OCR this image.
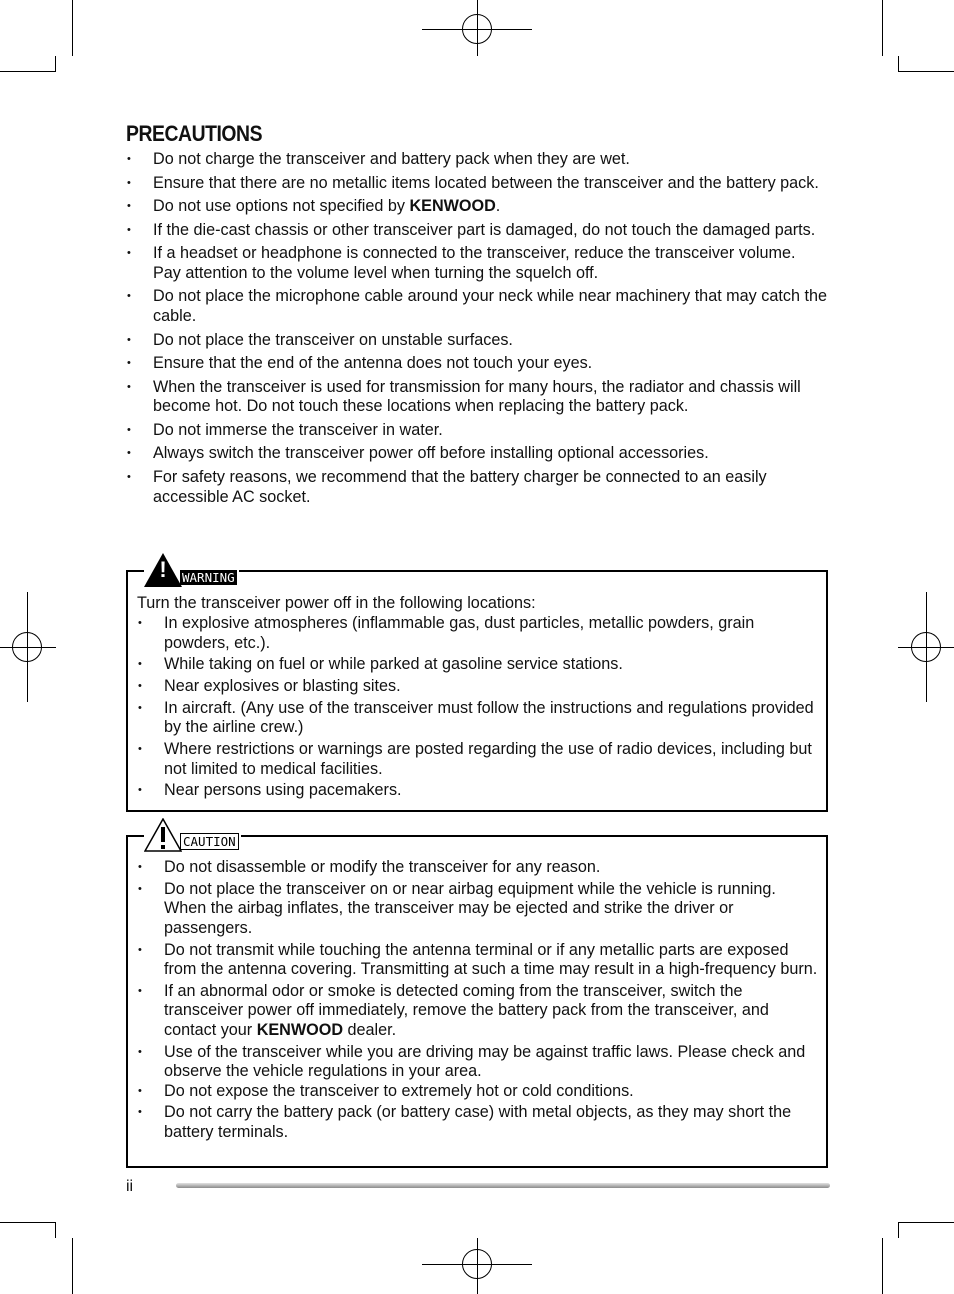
PRECAUTIONS
• Do not charge the transceiver and battery pack when they are wet.
• Ensure that there are no metallic items located between the transceiver and the battery pack.
• Do not use options not specified by KENWOOD.
• If the die-cast chassis or other transceiver part is damaged, do not touch the damaged parts.
• If a headset or headphone is connected to the transceiver, reduce the transceiver volume. Pay attention to the volume level when turning the squelch off.
• Do not place the microphone cable around your neck while near machinery that may catch the cable.
• Do not place the transceiver on unstable surfaces.
• Ensure that the end of the antenna does not touch your eyes.
• When the transceiver is used for transmission for many hours, the radiator and chassis will become hot. Do not touch these locations when replacing the battery pack.
• Do not immerse the transceiver in water.
• Always switch the transceiver power off before installing optional accessories.
• For safety reasons, we recommend that the battery charger be connected to an easily accessible AC socket.
! WARNING
Turn the transceiver power off in the following locations:
• In explosive atmospheres (inflammable gas, dust particles, metallic powders, grain powders, etc.).
• While taking on fuel or while parked at gasoline service stations.
• Near explosives or blasting sites.
• In aircraft. (Any use of the transceiver must follow the instructions and regulations provided by the airline crew.)
• Where restrictions or warnings are posted regarding the use of radio devices, including but not limited to medical facilities.
• Near persons using pacemakers.
CAUTION
• Do not disassemble or modify the transceiver for any reason.
• Do not place the transceiver on or near airbag equipment while the vehicle is running. When the airbag inflates, the transceiver may be ejected and strike the driver or passengers.
• Do not transmit while touching the antenna terminal or if any metallic parts are exposed from the antenna covering. Transmitting at such a time may result in a high-frequency burn.
• If an abnormal odor or smoke is detected coming from the transceiver, switch the transceiver power off immediately, remove the battery pack from the transceiver, and contact your KENWOOD dealer.
• Use of the transceiver while you are driving may be against traffic laws. Please check and observe the vehicle regulations in your area.
• Do not expose the transceiver to extremely hot or cold conditions.
• Do not carry the battery pack (or battery case) with metal objects, as they may short the battery terminals.
ii
